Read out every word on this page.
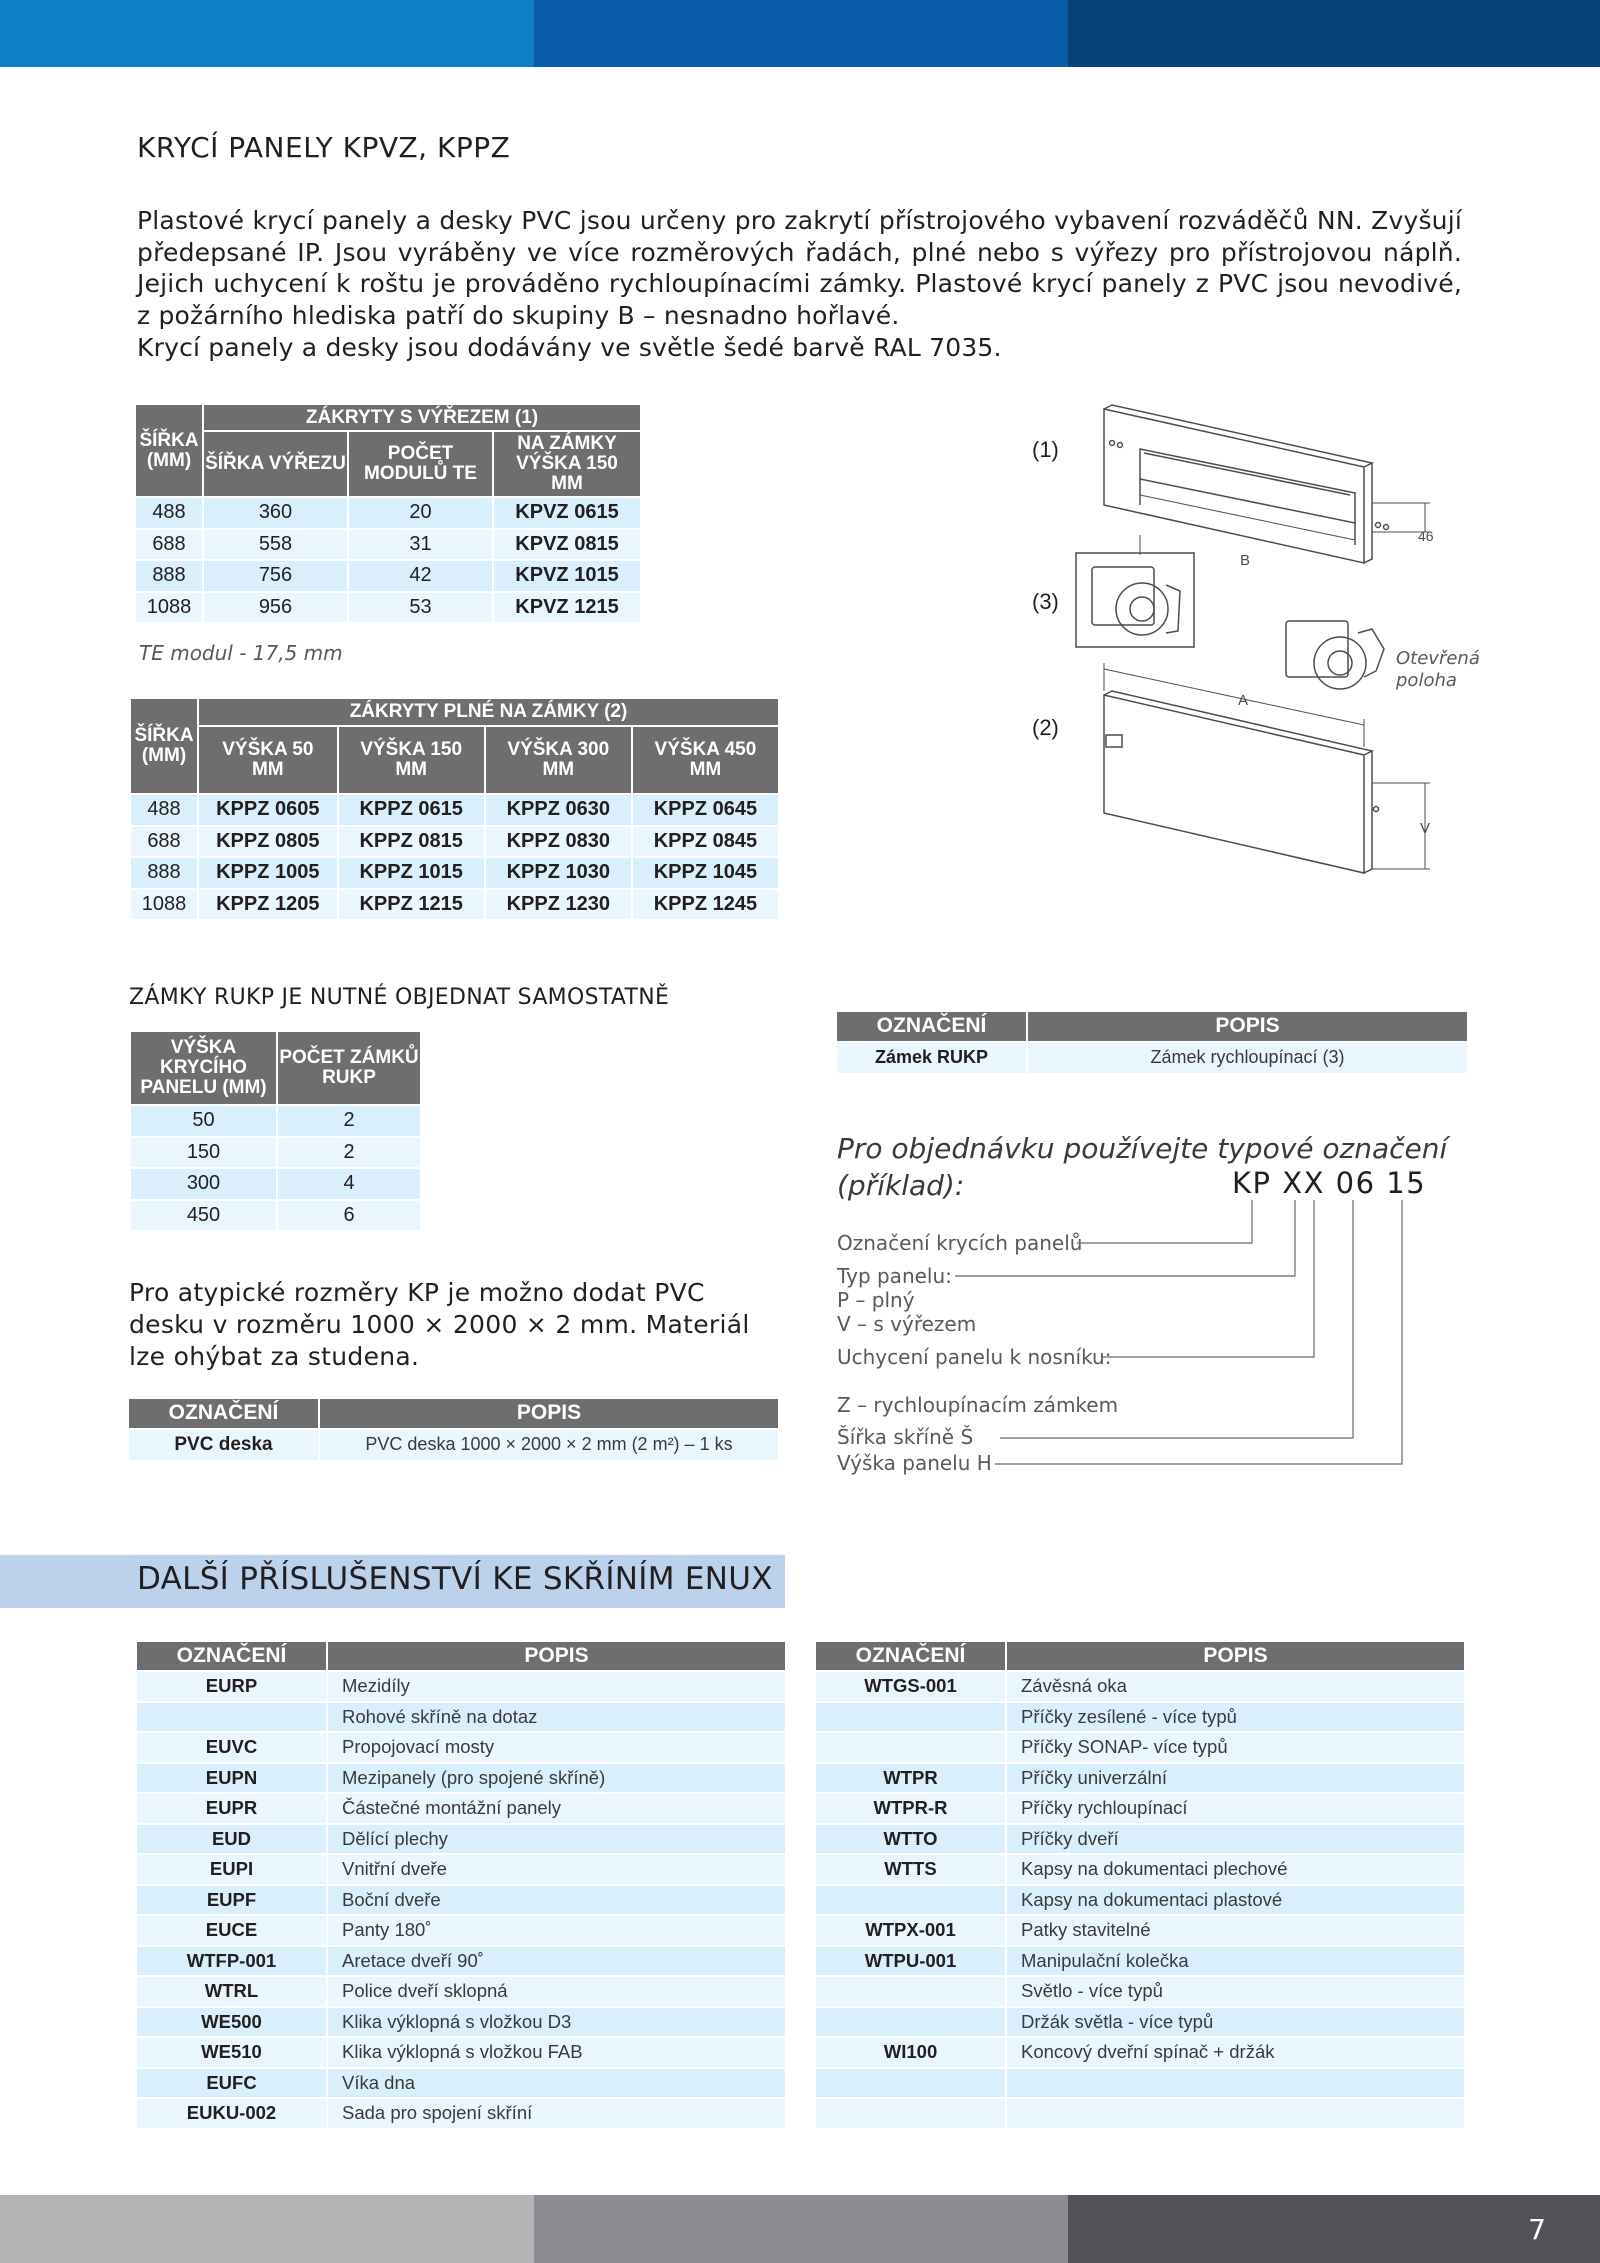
KRYCÍ PANELY KPVZ, KPPZ

Plastové krycí panely a desky PVC jsou určeny pro zakrytí přístrojového vybavení rozváděčů NN. Zvyšují předepsané IP. Jsou vyráběny ve více rozměrových řadách, plné nebo s výřezy pro přístrojovou náplň. Jejich uchycení k roštu je prováděno rychloupínacími zámky. Plastové krycí panely z PVC jsou nevodivé, z požárního hlediska patří do skupiny B – nesnadno hořlavé.

Krycí panely a desky jsou dodávány ve světle šedé barvě RAL 7035.

ŠÍŘKA (MM)	ZÁKRYTY S VÝŘEZEM (1)		
	ŠÍŘKA VÝŘEZU	POČET MODULŮ TE	NA ZÁMKY VÝŠKA 150 MM
488	360	20	KPVZ 0615
688	558	31	KPVZ 0815
888	756	42	KPVZ 1015
1088	956	53	KPVZ 1215
TE modul - 17,5 mm
ŠÍŘKA (MM)	ZÁKRYTY PLNÉ NA ZÁMKY (2)			
	VÝŠKA 50 MM	VÝŠKA 150 MM	VÝŠKA 300 MM	VÝŠKA 450 MM
488	KPPZ 0605	KPPZ 0615	KPPZ 0630	KPPZ 0645
688	KPPZ 0805	KPPZ 0815	KPPZ 0830	KPPZ 0845
888	KPPZ 1005	KPPZ 1015	KPPZ 1030	KPPZ 1045
1088	KPPZ 1205	KPPZ 1215	KPPZ 1230	KPPZ 1245
(1)
(3)
(2)
B
A
V
46
Otevřená poloha
ZÁMKY RUKP JE NUTNÉ OBJEDNAT SAMOSTATNĚ
VÝŠKA KRYCÍHO PANELU (MM)	POČET ZÁMKŮ RUKP
50	2
150	2
300	4
450	6

Pro atypické rozměry KP je možno dodat PVC desku v rozměru 1000 × 2000 × 2 mm. Materiál lze ohýbat za studena.

OZNAČENÍ	POPIS
PVC deska	PVC deska 1000 × 2000 × 2 mm (2 m²) – 1 ks
OZNAČENÍ	POPIS
Zámek RUKP	Zámek rychloupínací (3)
Pro objednávku používejte typové označení
(příklad):	KP XX 06 15
Označení krycích panelů
Typ panelu:
P – plný
V – s výřezem
Uchycení panelu k nosníku:
Z – rychloupínacím zámkem
Šířka skříně Š
Výška panelu H
DALŠÍ PŘÍSLUŠENSTVÍ KE SKŘÍNÍM ENUX
OZNAČENÍ	POPIS
EURP	Mezidíly
	Rohové skříně na dotaz
EUVC	Propojovací mosty
EUPN	Mezipanely (pro spojené skříně)
EUPR	Částečné montážní panely
EUD	Dělící plechy
EUPI	Vnitřní dveře
EUPF	Boční dveře
EUCE	Panty 180˚
WTFP-001	Aretace dveří 90˚
WTRL	Police dveří sklopná
WE500	Klika výklopná s vložkou D3
WE510	Klika výklopná s vložkou FAB
EUFC	Víka dna
EUKU-002	Sada pro spojení skříní
OZNAČENÍ	POPIS
WTGS-001	Závěsná oka
	Příčky zesílené - více typů
	Příčky SONAP- více typů
WTPR	Příčky univerzální
WTPR-R	Příčky rychloupínací
WTTO	Příčky dveří
WTTS	Kapsy na dokumentaci plechové
	Kapsy na dokumentaci plastové
WTPX-001	Patky stavitelné
WTPU-001	Manipulační kolečka
	Světlo - více typů
	Držák světla - více typů
WI100	Koncový dveřní spínač + držák

7
